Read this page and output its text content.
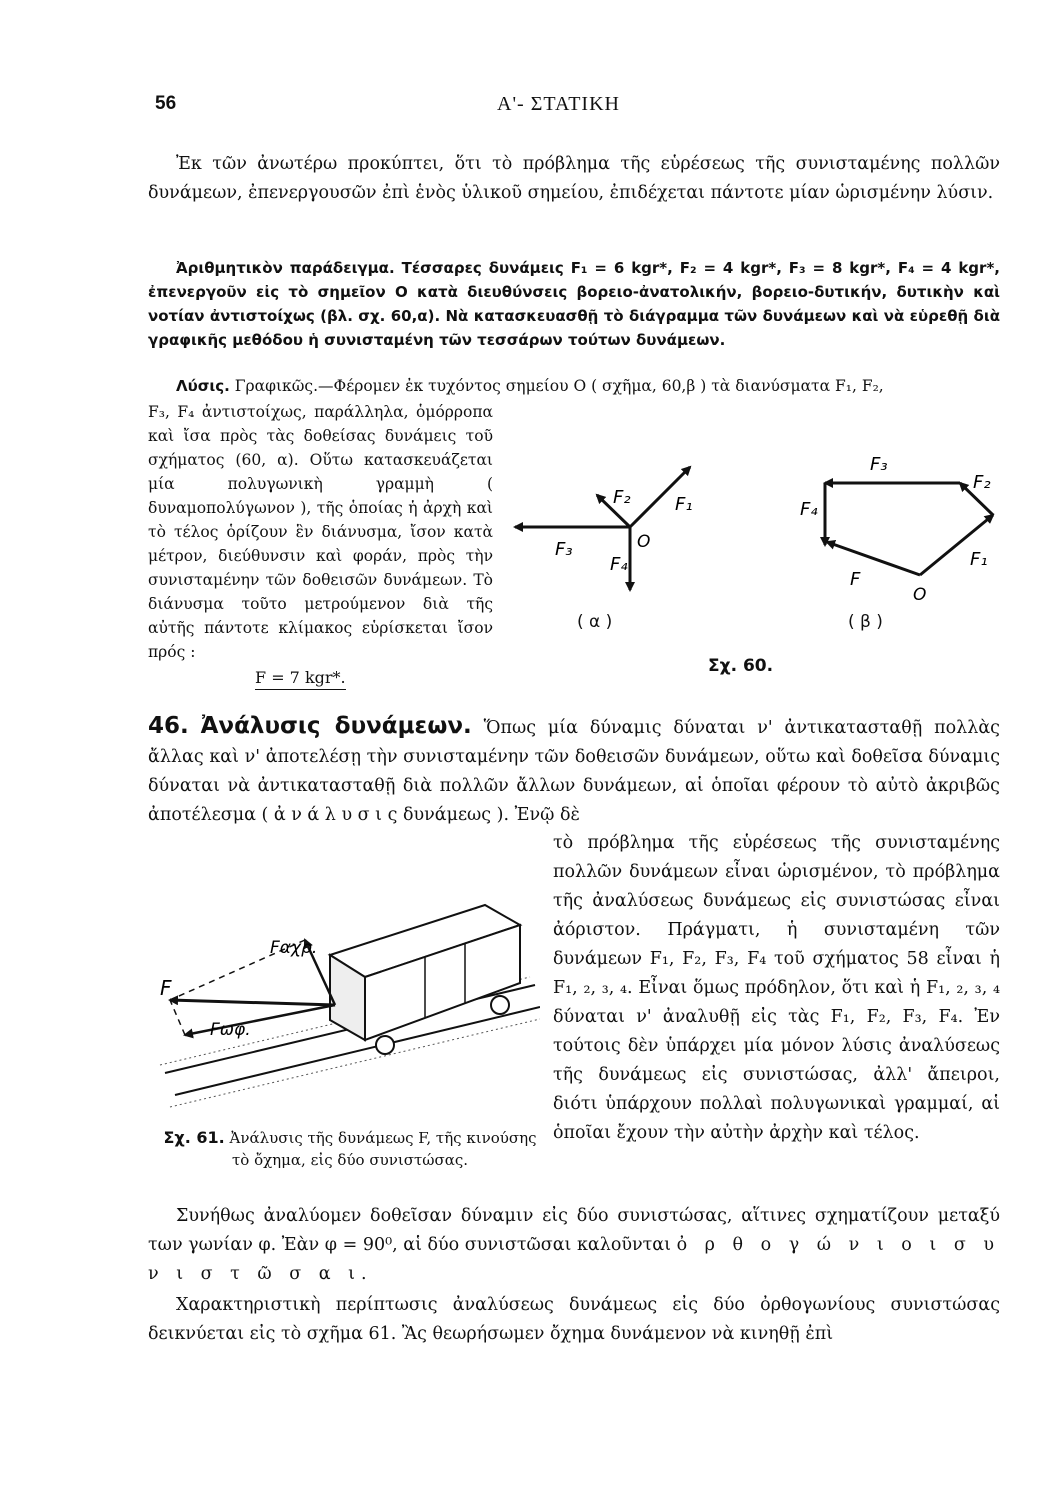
56	Α'- ΣΤΑΤΙΚΗ

Ἐκ τῶν ἀνωτέρω προκύπτει, ὅτι τὸ πρόβλημα τῆς εὑρέσεως τῆς συνισταμένης πολλῶν δυνάμεων, ἐπενεργουσῶν ἐπὶ ἑνὸς ὑλικοῦ σημείου, ἐπιδέχεται πάντοτε μίαν ὡρισμένην λύσιν.

Ἀριθμητικὸν παράδειγμα. Τέσσαρες δυνάμεις F₁ = 6 kgr*, F₂ = 4 kgr*, F₃ = 8 kgr*, F₄ = 4 kgr*, ἐπενεργοῦν εἰς τὸ σημεῖον O κατὰ διευθύνσεις βορειο-ἀνατολικήν, βορειο-δυτικήν, δυτικὴν καὶ νοτίαν ἀντιστοίχως (βλ. σχ. 60,α). Νὰ κατασκευασθῇ τὸ διάγραμμα τῶν δυνάμεων καὶ νὰ εὑρεθῇ διὰ γραφικῆς μεθόδου ἡ συνισταμένη τῶν τεσσάρων τούτων δυνάμεων.

Λύσις. Γραφικῶς.—Φέρομεν ἐκ τυχόντος σημείου O ( σχῆμα, 60,β ) τὰ διανύσματα F₁, F₂,

F₃, F₄ ἀντιστοίχως, παράλληλα, ὁμόρροπα καὶ ἴσα πρὸς τὰς δοθείσας δυνάμεις τοῦ σχήματος (60, α). Οὕτω κατασκευάζεται μία πολυγωνικὴ γραμμὴ ( δυναμοπολύγωνον ), τῆς ὁποίας ἡ ἀρχὴ καὶ τὸ τέλος ὁρίζουν ἓν διάνυσμα, ἴσον κατὰ μέτρον, διεύθυνσιν καὶ φοράν, πρὸς τὴν συνισταμένην τῶν δοθεισῶν δυνάμεων. Τὸ διάνυσμα τοῦτο μετρούμενον διὰ τῆς αὐτῆς πάντοτε κλίμακος εὑρίσκεται ἴσον πρός :

F = 7 kgr*.
F₁
F₂
F₃
F₄
O
F₁
F₂
F₃
F₄
F
O
( α )	( β )
Σχ. 60.

46. Ἀνάλυσις δυνάμεων. Ὅπως μία δύναμις δύναται ν' ἀντικατασταθῇ πολλὰς ἄλλας καὶ ν' ἀποτελέσῃ τὴν συνισταμένην τῶν δοθεισῶν δυνάμεων, οὕτω καὶ δοθεῖσα δύναμις δύναται νὰ ἀντικατασταθῇ διὰ πολλῶν ἄλλων δυνάμεων, αἱ ὁποῖαι φέρουν τὸ αὐτὸ ἀκριβῶς ἀποτέλεσμα ( ἀ ν ά λ υ σ ι ς δυνάμεως ). Ἐνῷ δὲ

F
Fαχρ.
Fωφ.
Σχ. 61. Ἀνάλυσις τῆς δυνάμεως F, τῆς κινούσης τὸ ὄχημα, εἰς δύο συνιστώσας.

τὸ πρόβλημα τῆς εὑρέσεως τῆς συνισταμένης πολλῶν δυνάμεων εἶναι ὡρισμένον, τὸ πρόβλημα τῆς ἀναλύσεως δυνάμεως εἰς συνιστώσας εἶναι ἀόριστον. Πράγματι, ἡ συνισταμένη τῶν δυνάμεων F₁, F₂, F₃, F₄ τοῦ σχήματος 58 εἶναι ἡ F₁, ₂, ₃, ₄. Εἶναι ὅμως πρόδηλον, ὅτι καὶ ἡ F₁, ₂, ₃, ₄ δύναται ν' ἀναλυθῇ εἰς τὰς F₁, F₂, F₃, F₄. Ἐν τούτοις δὲν ὑπάρχει μία μόνον λύσις ἀναλύσεως τῆς δυνάμεως εἰς συνιστώσας, ἀλλ' ἄπειροι, διότι ὑπάρχουν πολλαὶ πολυγωνικαὶ γραμμαί, αἱ ὁποῖαι ἔχουν τὴν αὐτὴν ἀρχὴν καὶ τέλος.

Συνήθως ἀναλύομεν δοθεῖσαν δύναμιν εἰς δύο συνιστώσας, αἵτινες σχηματίζουν μεταξύ των γωνίαν φ. Ἐὰν φ = 90⁰, αἱ δύο συνιστῶσαι καλοῦνται ὀ ρ θ ο γ ώ ν ι ο ι σ υ ν ι σ τ ῶ σ α ι.

Χαρακτηριστικὴ περίπτωσις ἀναλύσεως δυνάμεως εἰς δύο ὀρθογωνίους συνιστώσας δεικνύεται εἰς τὸ σχῆμα 61. Ἂς θεωρήσωμεν ὄχημα δυνάμενον νὰ κινηθῇ ἐπὶ
